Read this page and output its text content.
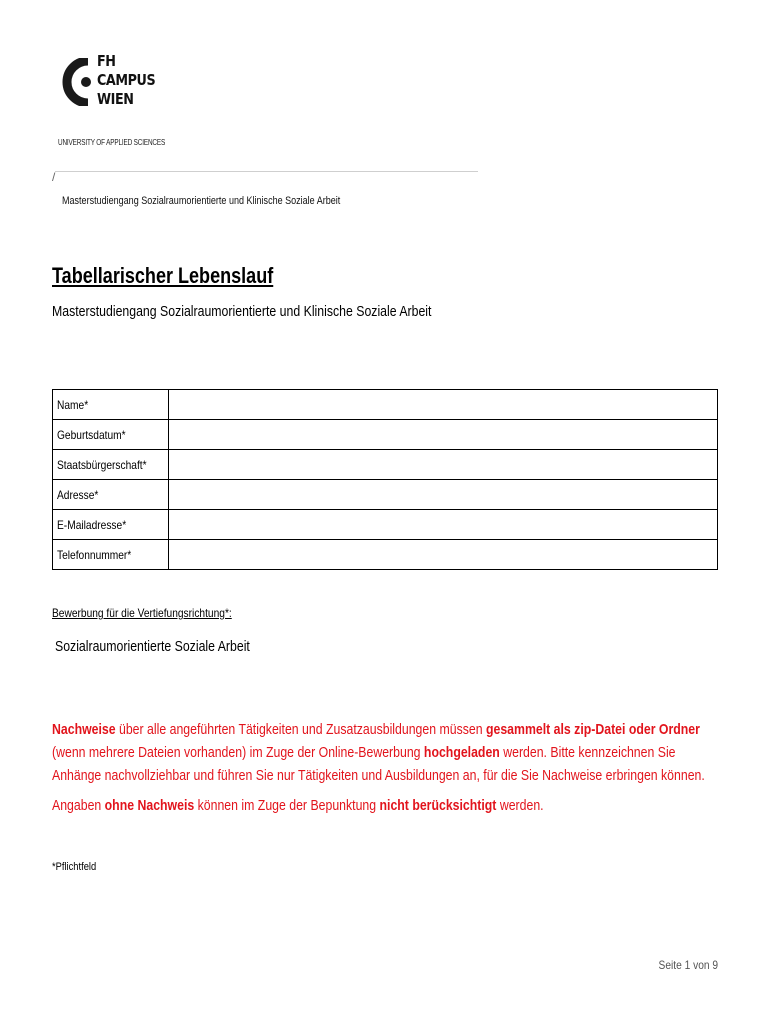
FH
CAMPUS
WIEN
UNIVERSITY OF APPLIED SCIENCES
/
Masterstudiengang Sozialraumorientierte und Klinische Soziale Arbeit
Tabellarischer Lebenslauf
Masterstudiengang Sozialraumorientierte und Klinische Soziale Arbeit
Name*	
Geburtsdatum*	
Staatsbürgerschaft*	
Adresse*	
E-Mailadresse*	
Telefonnummer*	
Bewerbung für die Vertiefungsrichtung*:
Sozialraumorientierte Soziale Arbeit

Nachweise über alle angeführten Tätigkeiten und Zusatzausbildungen müssen gesammelt als zip-Datei oder Ordner (wenn mehrere Dateien vorhanden) im Zuge der Online-Bewerbung hochgeladen werden. Bitte kennzeichnen Sie Anhänge nachvollziehbar und führen Sie nur Tätigkeiten und Ausbildungen an, für die Sie Nachweise erbringen können.

Angaben ohne Nachweis können im Zuge der Bepunktung nicht berücksichtigt werden.

*Pflichtfeld
Seite 1 von 9
